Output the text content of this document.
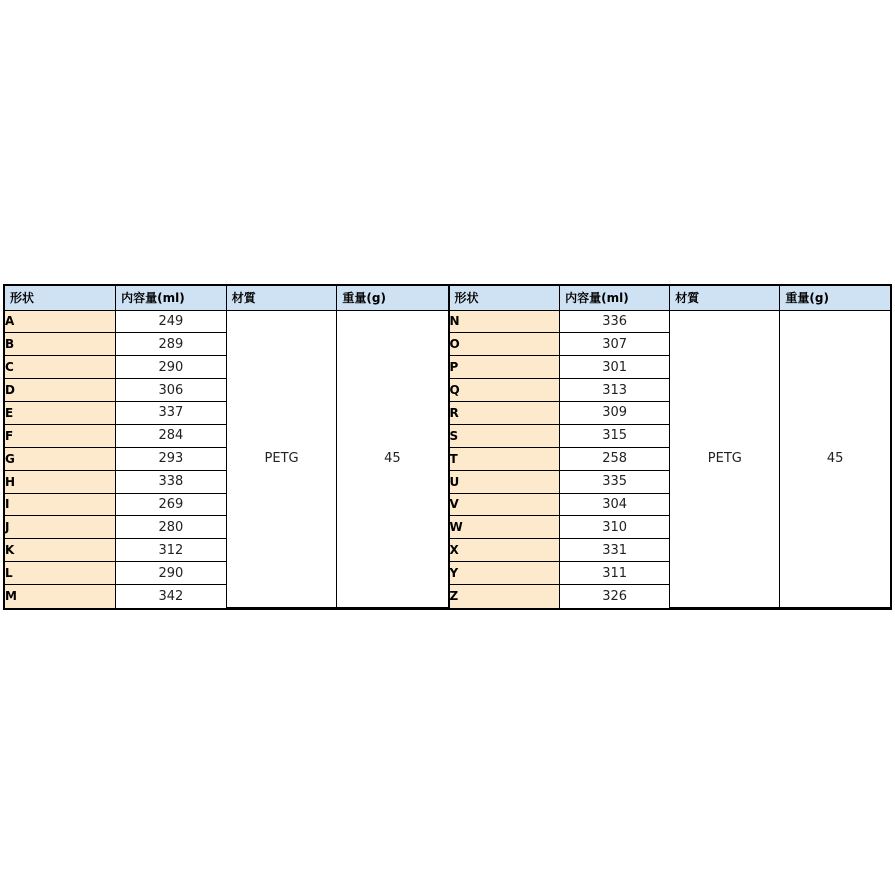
形状	内容量(ml)	材質	重量(g)
A	249	PETG	45
B	289		
C	290		
D	306		
E	337		
F	284		
G	293		
H	338		
I	269		
J	280		
K	312		
L	290		
M	342		
形状	内容量(ml)	材質	重量(g)
N	336	PETG	45
O	307		
P	301		
Q	313		
R	309		
S	315		
T	258		
U	335		
V	304		
W	310		
X	331		
Y	311		
Z	326		
